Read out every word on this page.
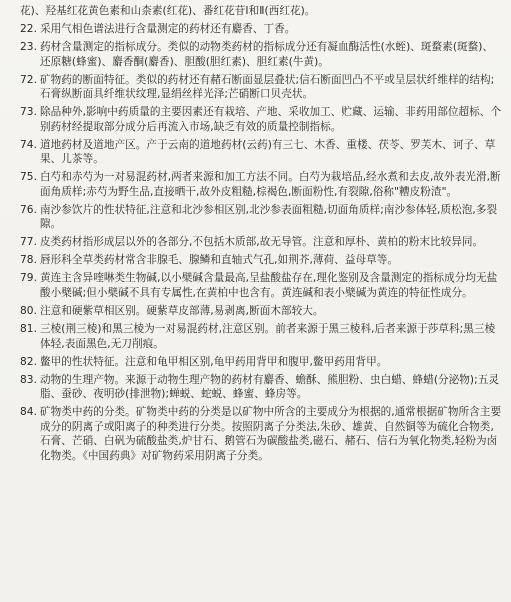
花)、羟基红花黄色素和山柰素(红花)、番红花苷Ⅰ和Ⅱ(西红花)。

22. 采用气相色谱法进行含量测定的药材还有麝香、丁香。
23. 药材含量测定的指标成分。类似的动物类药材的指标成分还有凝血酶活性(水蛭)、斑蝥素(斑蝥)、还原糖(蜂蜜)、麝香酮(麝香)、胆酸(胆红素)、胆红素(牛黄)。
72. 矿物药的断面特征。类似的药材还有赭石断面显层叠状;信石断面凹凸不平或呈层状纤维样的结构;石膏纵断面具纤维状纹理,显绢丝样光泽;芒硝断口贝壳状。
73. 除品种外,影响中药质量的主要因素还有栽培、产地、采收加工、贮藏、运输、非药用部位超标、个别药材经提取部分成分后再流入市场,缺乏有效的质量控制指标。
74. 道地药材及道地产区。产于云南的道地药材(云药)有三七、木香、重楼、茯苓、罗芙木、诃子、草果、儿茶等。
75. 白芍和赤芍为一对易混药材,两者来源和加工方法不同。白芍为栽培品,经水煮和去皮,故外表光滑,断面角质样;赤芍为野生品,直接晒干,故外皮粗糙,棕褐色,断面粉性,有裂隙,俗称"糟皮粉渣"。
76. 南沙参饮片的性状特征,注意和北沙参相区别,北沙参表面粗糙,切面角质样;南沙参体轻,质松泡,多裂隙。
77. 皮类药材指形成层以外的各部分,不包括木质部,故无导管。注意和厚朴、黄柏的粉末比较异同。
78. 唇形科全草类药材常含非腺毛、腺鳞和直轴式气孔,如荆芥,薄荷、益母草等。
79. 黄连主含异喹啉类生物碱,以小檗碱含量最高,呈盐酸盐存在,理化鉴别及含量测定的指标成分均无盐酸小檗碱;但小檗碱不具有专属性,在黄柏中也含有。黄连碱和表小檗碱为黄连的特征性成分。
80. 注意和硬紫草相区别。硬紫草皮部薄,易剥离,断面木部较大。
81. 三棱(荆三棱)和黑三棱为一对易混药材,注意区别。前者来源于黑三棱科,后者来源于莎草科;黑三棱体轻,表面黑色,无刀削痕。
82. 鳖甲的性状特征。注意和龟甲相区别,龟甲药用背甲和腹甲,鳖甲药用背甲。
83. 动物的生理产物。来源于动物生理产物的药材有麝香、蟾酥、熊胆粉、虫白蜡、蜂蜡(分泌物);五灵脂、蚕砂、夜明砂(排泄物);蝉蜕、蛇蜕、蜂蜜、蜂房等。
84. 矿物类中药的分类。矿物类中药的分类是以矿物中所含的主要成分为根据的,通常根据矿物所含主要成分的阴离子或阳离子的种类进行分类。按照阴离子分类法,朱砂、雄黄、自然铜等为硫化合物类,石膏、芒硝、白矾为硫酸盐类,炉甘石、鹅管石为碳酸盐类,磁石、赭石、信石为氧化物类,轻粉为卤化物类。《中国药典》对矿物药采用阴离子分类。
